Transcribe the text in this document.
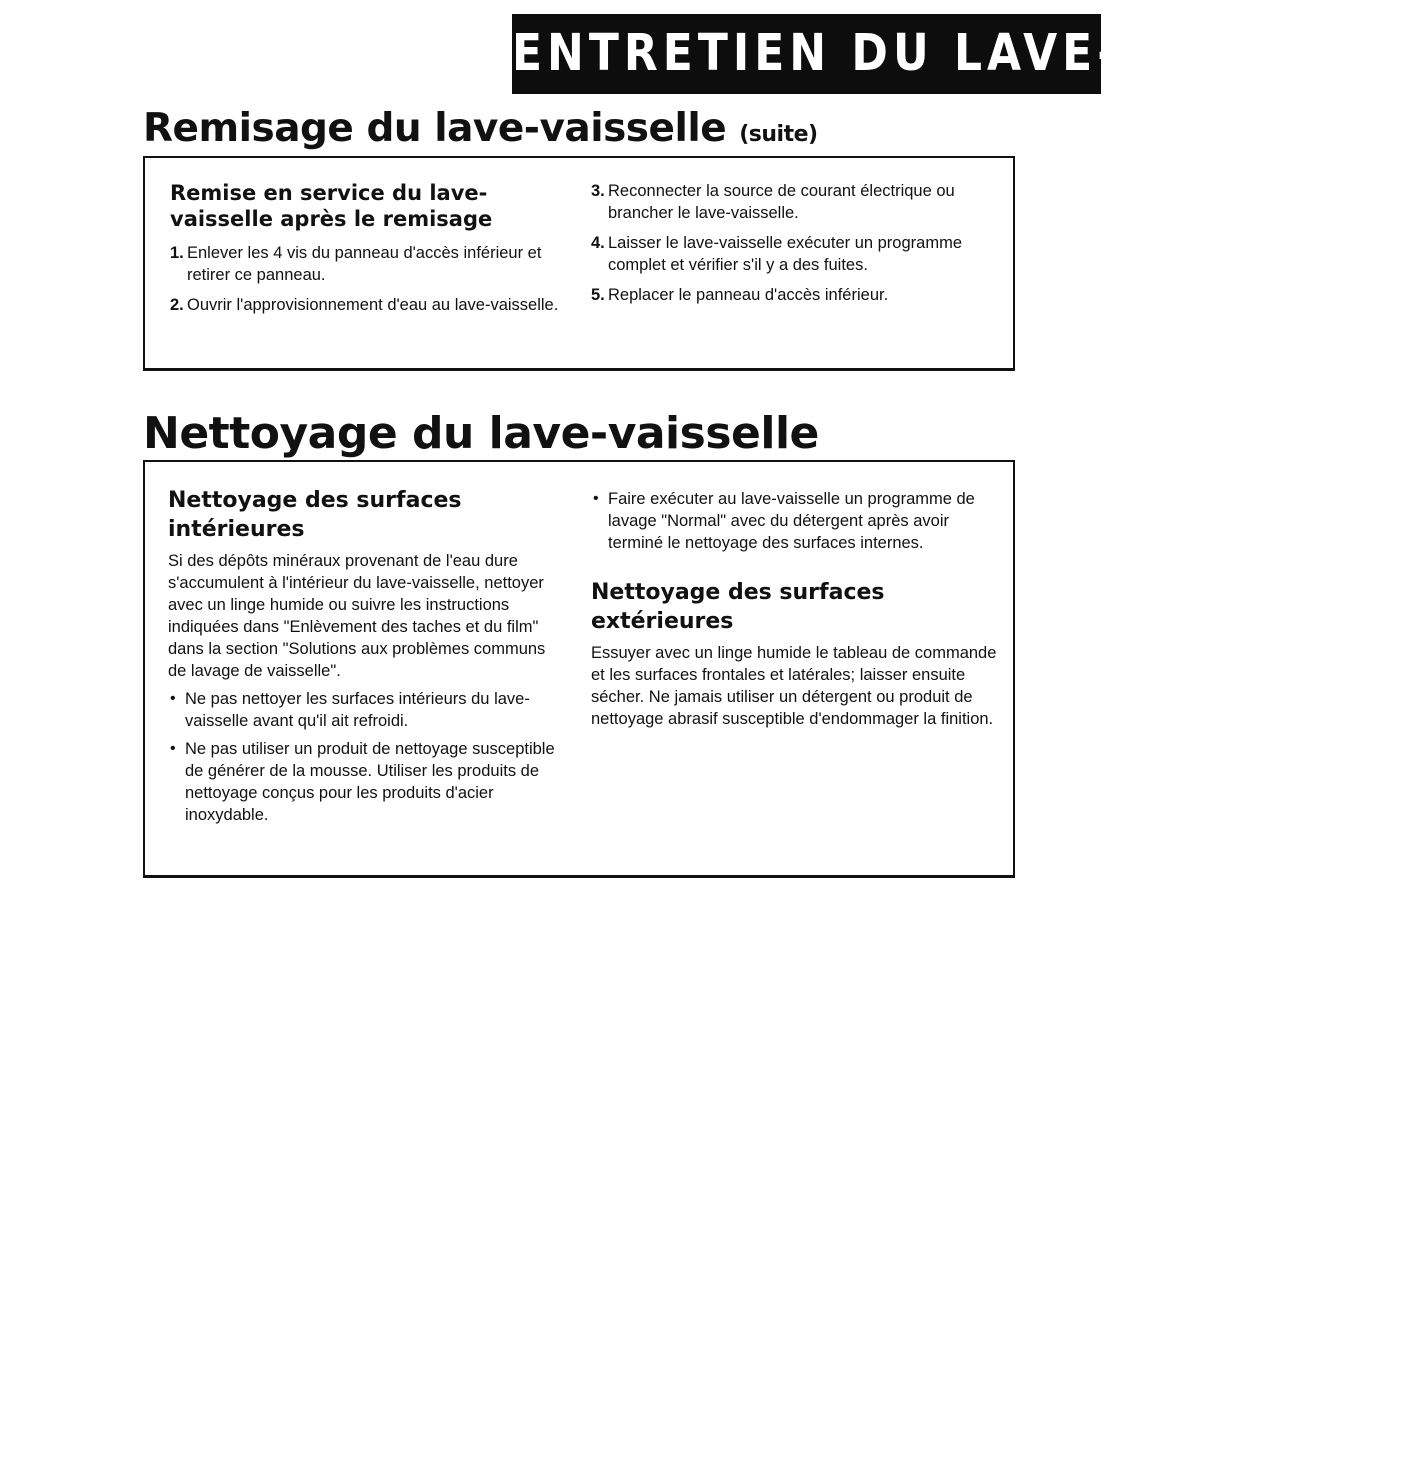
ENTRETIEN DU LAVE-VAISSELLE
Remisage du lave-vaisselle (suite)
Remise en service du lave-vaisselle après le remisage
1. Enlever les 4 vis du panneau d'accès inférieur et retirer ce panneau.
2. Ouvrir l'approvisionnement d'eau au lave-vaisselle.
3. Reconnecter la source de courant électrique ou brancher le lave-vaisselle.
4. Laisser le lave-vaisselle exécuter un programme complet et vérifier s'il y a des fuites.
5. Replacer le panneau d'accès inférieur.
Nettoyage du lave-vaisselle
Nettoyage des surfaces intérieures

Si des dépôts minéraux provenant de l'eau dure s'accumulent à l'intérieur du lave-vaisselle, nettoyer avec un linge humide ou suivre les instructions indiquées dans "Enlèvement des taches et du film" dans la section "Solutions aux problèmes communs de lavage de vaisselle".

• Ne pas nettoyer les surfaces intérieurs du lave-vaisselle avant qu'il ait refroidi.
• Ne pas utiliser un produit de nettoyage susceptible de générer de la mousse. Utiliser les produits de nettoyage conçus pour les produits d'acier inoxydable.
• Faire exécuter au lave-vaisselle un programme de lavage "Normal" avec du détergent après avoir terminé le nettoyage des surfaces internes.
Nettoyage des surfaces extérieures

Essuyer avec un linge humide le tableau de commande et les surfaces frontales et latérales; laisser ensuite sécher. Ne jamais utiliser un détergent ou produit de nettoyage abrasif susceptible d'endommager la finition.
